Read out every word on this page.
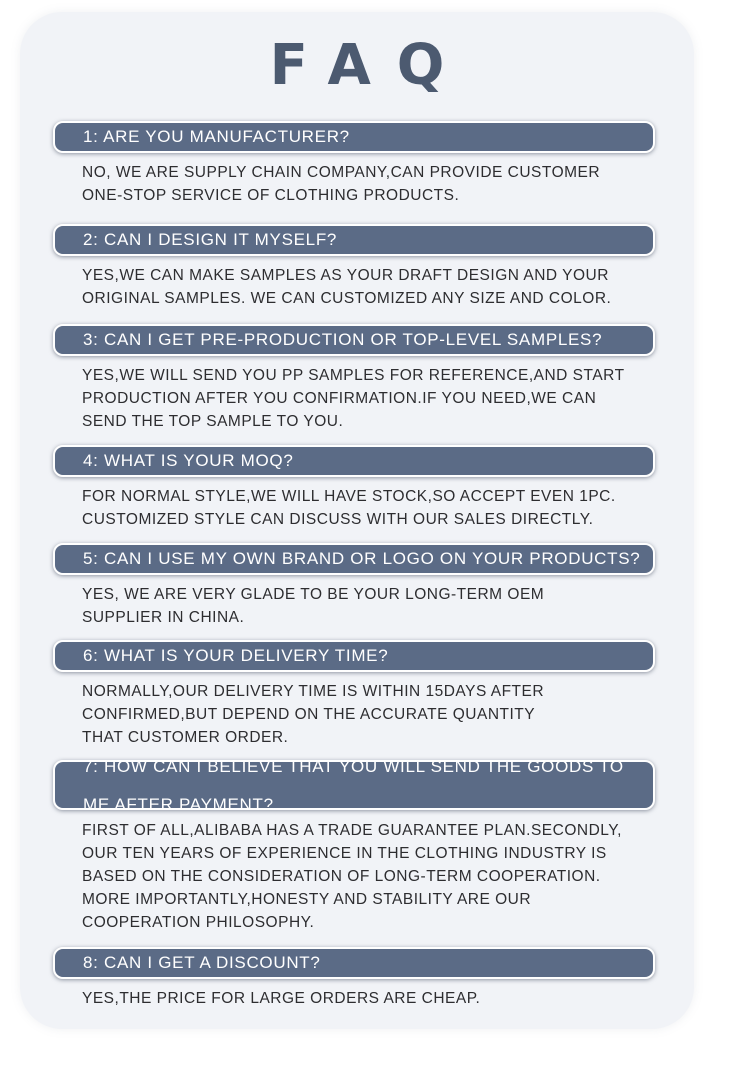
FAQ
1: ARE YOU MANUFACTURER?

NO, WE ARE SUPPLY CHAIN COMPANY,CAN PROVIDE CUSTOMER
ONE-STOP SERVICE OF CLOTHING PRODUCTS.

2: CAN I DESIGN IT MYSELF?

YES,WE CAN MAKE SAMPLES AS YOUR DRAFT DESIGN AND YOUR
ORIGINAL SAMPLES. WE CAN CUSTOMIZED ANY SIZE AND COLOR.

3: CAN I GET PRE-PRODUCTION OR TOP-LEVEL SAMPLES?

YES,WE WILL SEND YOU PP SAMPLES FOR REFERENCE,AND START
PRODUCTION AFTER YOU CONFIRMATION.IF YOU NEED,WE CAN
SEND THE TOP SAMPLE TO YOU.

4: WHAT IS YOUR MOQ?

FOR NORMAL STYLE,WE WILL HAVE STOCK,SO ACCEPT EVEN 1PC.
CUSTOMIZED STYLE CAN DISCUSS WITH OUR SALES DIRECTLY.

5: CAN I USE MY OWN BRAND OR LOGO ON YOUR PRODUCTS?

YES, WE ARE VERY GLADE TO BE YOUR LONG-TERM OEM
SUPPLIER IN CHINA.

6: WHAT IS YOUR DELIVERY TIME?

NORMALLY,OUR DELIVERY TIME IS WITHIN 15DAYS AFTER
CONFIRMED,BUT DEPEND ON THE ACCURATE QUANTITY
THAT CUSTOMER ORDER.

7: HOW CAN I BELIEVE THAT YOU WILL SEND THE GOODS TO

ME AFTER PAYMENT?

FIRST OF ALL,ALIBABA HAS A TRADE GUARANTEE PLAN.SECONDLY,
OUR TEN YEARS OF EXPERIENCE IN THE CLOTHING INDUSTRY IS
BASED ON THE CONSIDERATION OF LONG-TERM COOPERATION.
MORE IMPORTANTLY,HONESTY AND STABILITY ARE OUR
COOPERATION PHILOSOPHY.

8: CAN I GET A DISCOUNT?

YES,THE PRICE FOR LARGE ORDERS ARE CHEAP.
